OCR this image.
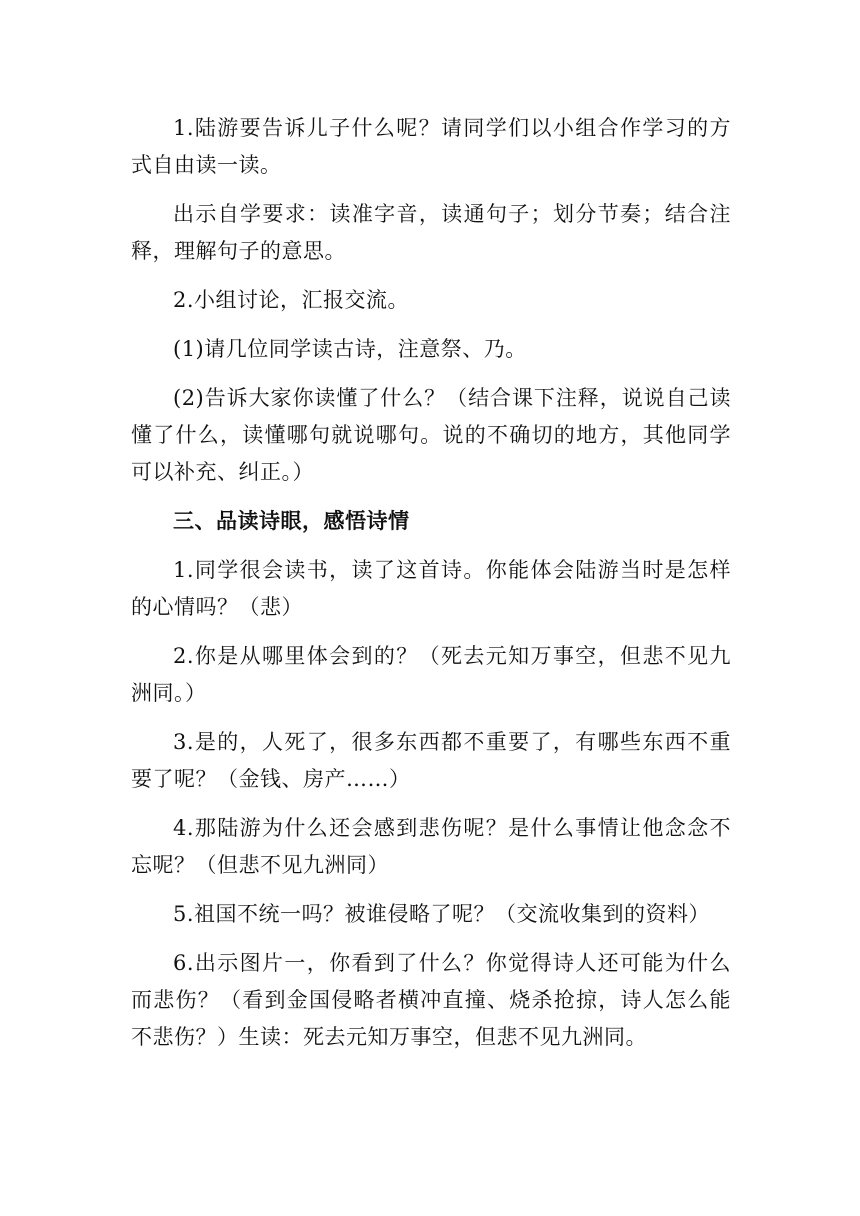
1.陆游要告诉儿子什么呢？请同学们以小组合作学习的方式自由读一读。

出示自学要求：读准字音，读通句子；划分节奏；结合注释，理解句子的意思。

2.小组讨论，汇报交流。

(1)请几位同学读古诗，注意祭、乃。

(2)告诉大家你读懂了什么？（结合课下注释，说说自己读懂了什么，读懂哪句就说哪句。说的不确切的地方，其他同学可以补充、纠正。）

三、品读诗眼，感悟诗情

1.同学很会读书，读了这首诗。你能体会陆游当时是怎样的心情吗？（悲）

2.你是从哪里体会到的？（死去元知万事空，但悲不见九洲同。）

3.是的，人死了，很多东西都不重要了，有哪些东西不重要了呢？（金钱、房产……）

4.那陆游为什么还会感到悲伤呢？是什么事情让他念念不忘呢？（但悲不见九洲同）

5.祖国不统一吗？被谁侵略了呢？（交流收集到的资料）

6.出示图片一，你看到了什么？你觉得诗人还可能为什么而悲伤？（看到金国侵略者横冲直撞、烧杀抢掠，诗人怎么能不悲伤？）生读：死去元知万事空，但悲不见九洲同。
